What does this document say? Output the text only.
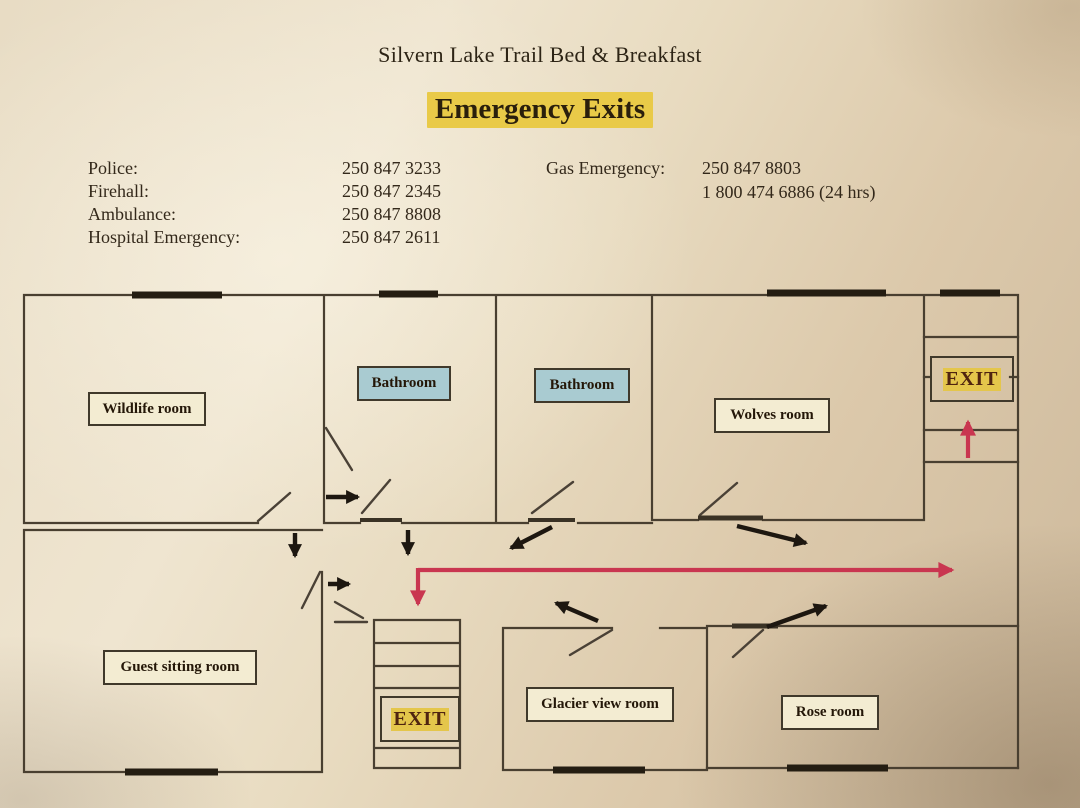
Silvern Lake Trail Bed & Breakfast
Emergency Exits
Police:	250 847 3233
Firehall:	250 847 2345
Ambulance:	250 847 8808
Hospital Emergency:	250 847 2611
Gas Emergency:	250 847 8803
1 800 474 6886 (24 hrs)
Wildlife room
Bathroom	Bathroom
Wolves room
Guest sitting room
Glacier view room	Rose room
EXIT
EXIT
